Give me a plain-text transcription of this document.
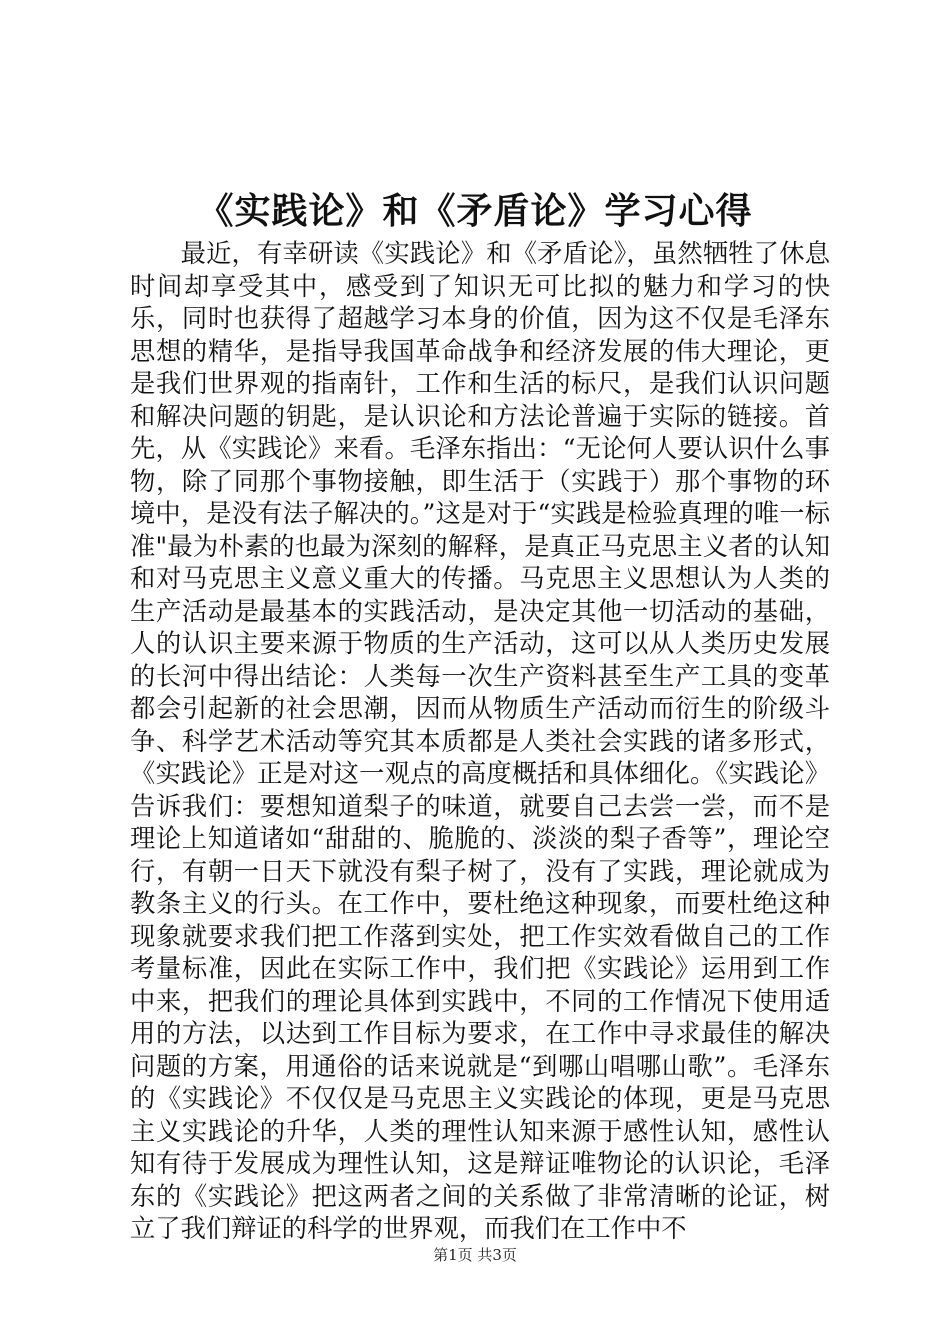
《实践论》和《矛盾论》学习心得

最近，有幸研读《实践论》和《矛盾论》，虽然牺牲了休息时间却享受其中，感受到了知识无可比拟的魅力和学习的快乐，同时也获得了超越学习本身的价值，因为这不仅是毛泽东思想的精华，是指导我国革命战争和经济发展的伟大理论，更是我们世界观的指南针，工作和生活的标尺，是我们认识问题和解决问题的钥匙，是认识论和方法论普遍于实际的链接。首先，从《实践论》来看。毛泽东指出：“无论何人要认识什么事物，除了同那个事物接触，即生活于（实践于）那个事物的环境中，是没有法子解决的。”这是对于“实践是检验真理的唯一标准"最为朴素的也最为深刻的解释，是真正马克思主义者的认知和对马克思主义意义重大的传播。马克思主义思想认为人类的生产活动是最基本的实践活动，是决定其他一切活动的基础，人的认识主要来源于物质的生产活动，这可以从人类历史发展的长河中得出结论：人类每一次生产资料甚至生产工具的变革都会引起新的社会思潮，因而从物质生产活动而衍生的阶级斗争、科学艺术活动等究其本质都是人类社会实践的诸多形式，《实践论》正是对这一观点的高度概括和具体细化。《实践论》告诉我们：要想知道梨子的味道，就要自己去尝一尝，而不是理论上知道诸如“甜甜的、脆脆的、淡淡的梨子香等”，理论空行，有朝一日天下就没有梨子树了，没有了实践，理论就成为教条主义的行头。在工作中，要杜绝这种现象，而要杜绝这种现象就要求我们把工作落到实处，把工作实效看做自己的工作考量标准，因此在实际工作中，我们把《实践论》运用到工作中来，把我们的理论具体到实践中，不同的工作情况下使用适用的方法，以达到工作目标为要求，在工作中寻求最佳的解决问题的方案，用通俗的话来说就是“到哪山唱哪山歌”。毛泽东的《实践论》不仅仅是马克思主义实践论的体现，更是马克思主义实践论的升华，人类的理性认知来源于感性认知，感性认知有待于发展成为理性认知，这是辩证唯物论的认识论，毛泽东的《实践论》把这两者之间的关系做了非常清晰的论证，树立了我们辩证的科学的世界观，而我们在工作中不

第1页 共3页
